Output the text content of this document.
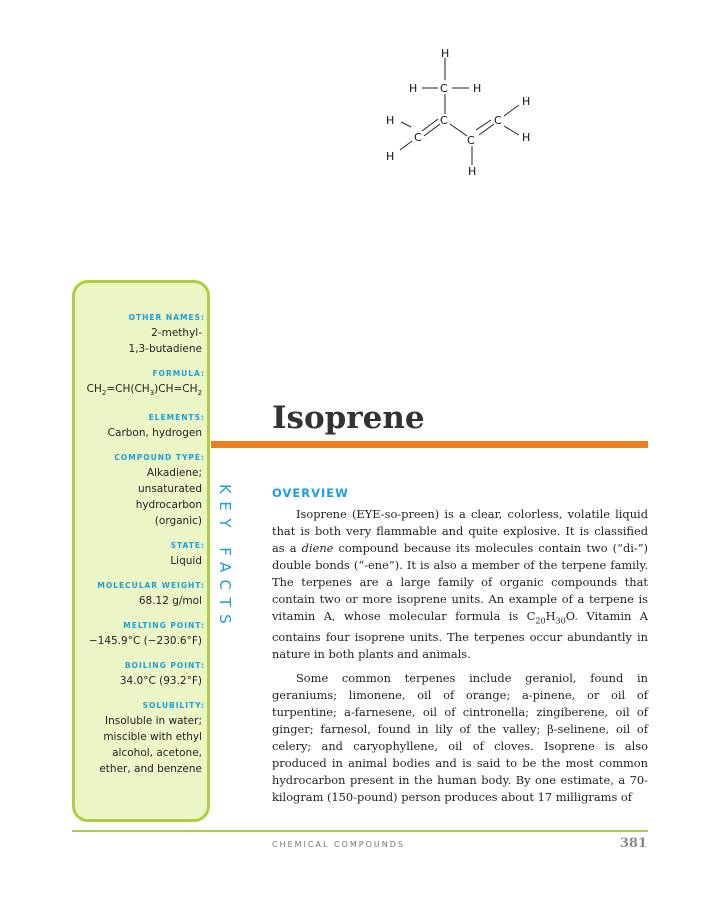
H
H C H
C
H
C
H
C
C
H
H
H
OTHER NAMES:
2-methyl-
1,3-butadiene
FORMULA:
$CH_2=CH(CH_3)CH=CH_2$
ELEMENTS:
Carbon, hydrogen
COMPOUND TYPE:
Alkadiene;
unsaturated
hydrocarbon
(organic)
STATE:
Liquid
MOLECULAR WEIGHT:
68.12 g/mol
MELTING POINT:
−145.9°C (−230.6°F)
BOILING POINT:
34.0°C (93.2°F)
SOLUBILITY:
Insoluble in water;
miscible with ethyl
alcohol, acetone,
ether, and benzene
KEY FACTS
Isoprene
OVERVIEW

Isoprene (EYE-so-preen) is a clear, colorless, volatile liquid that is both very flammable and quite explosive. It is classified as a diene compound because its molecules contain two (“di-”) double bonds (“-ene”). It is also a member of the terpene family. The terpenes are a large family of organic compounds that contain two or more isoprene units. An example of a terpene is vitamin A, whose molecular formula is $C_{20}H_{30}O$. Vitamin A contains four isoprene units. The terpenes occur abundantly in nature in both plants and animals.

Some common terpenes include geraniol, found in geraniums; limonene, oil of orange; a-pinene, or oil of turpentine; a-farnesene, oil of cintronella; zingiberene, oil of ginger; farnesol, found in lily of the valley; β-selinene, oil of celery; and caryophyllene, oil of cloves. Isoprene is also produced in animal bodies and is said to be the most common hydrocarbon present in the human body. By one estimate, a 70-kilogram (150-pound) person produces about 17 milligrams of

CHEMICAL COMPOUNDS	381
